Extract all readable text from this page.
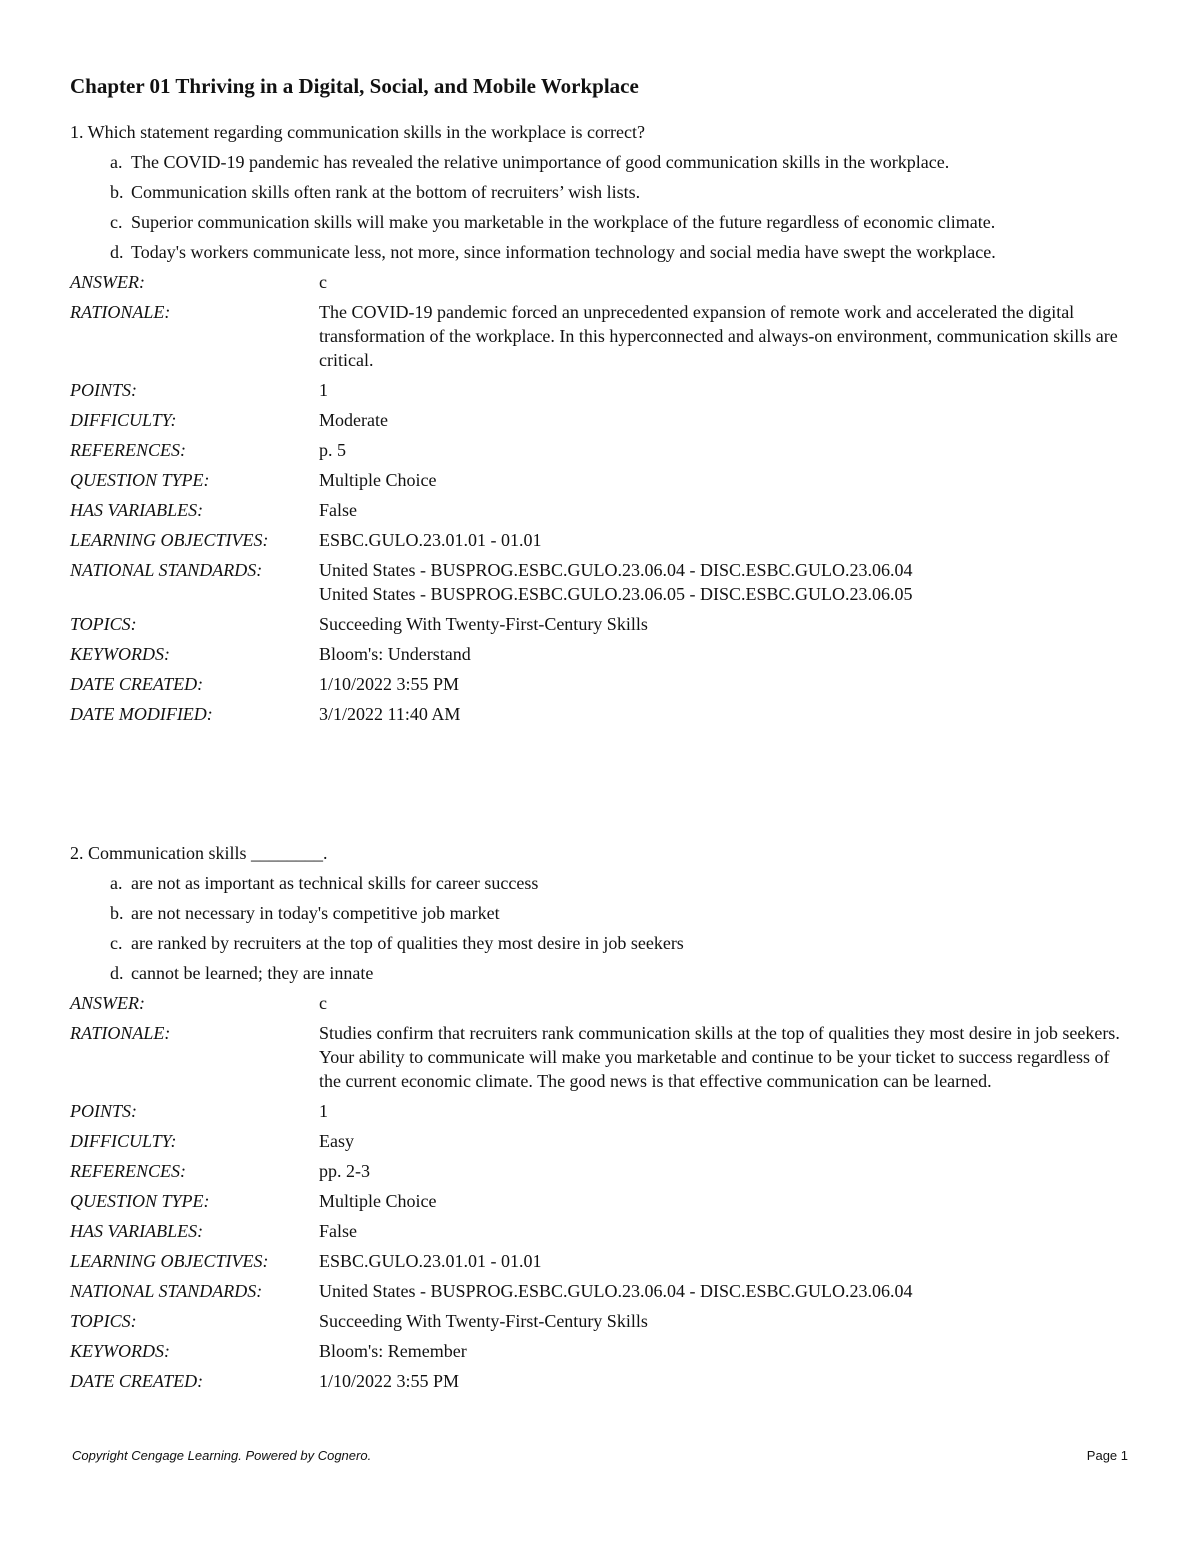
Chapter 01 Thriving in a Digital, Social, and Mobile Workplace
1. Which statement regarding communication skills in the workplace is correct?
a. The COVID-19 pandemic has revealed the relative unimportance of good communication skills in the workplace.
b. Communication skills often rank at the bottom of recruiters’ wish lists.
c. Superior communication skills will make you marketable in the workplace of the future regardless of economic climate.
d. Today's workers communicate less, not more, since information technology and social media have swept the workplace.
ANSWER:	c
RATIONALE:	The COVID-19 pandemic forced an unprecedented expansion of remote work and accelerated the digital transformation of the workplace. In this hyperconnected and always-on environment, communication skills are critical.
POINTS:	1
DIFFICULTY:	Moderate
REFERENCES:	p. 5
QUESTION TYPE:	Multiple Choice
HAS VARIABLES:	False
LEARNING OBJECTIVES:	ESBC.GULO.23.01.01 - 01.01
NATIONAL STANDARDS:	United States - BUSPROG.ESBC.GULO.23.06.04 - DISC.ESBC.GULO.23.06.04
United States - BUSPROG.ESBC.GULO.23.06.05 - DISC.ESBC.GULO.23.06.05
TOPICS:	Succeeding With Twenty-First-Century Skills
KEYWORDS:	Bloom's: Understand
DATE CREATED:	1/10/2022 3:55 PM
DATE MODIFIED:	3/1/2022 11:40 AM
2. Communication skills ________.
a. are not as important as technical skills for career success
b. are not necessary in today's competitive job market
c. are ranked by recruiters at the top of qualities they most desire in job seekers
d. cannot be learned; they are innate
ANSWER:	c
RATIONALE:	Studies confirm that recruiters rank communication skills at the top of qualities they most desire in job seekers. Your ability to communicate will make you marketable and continue to be your ticket to success regardless of the current economic climate. The good news is that effective communication can be learned.
POINTS:	1
DIFFICULTY:	Easy
REFERENCES:	pp. 2-3
QUESTION TYPE:	Multiple Choice
HAS VARIABLES:	False
LEARNING OBJECTIVES:	ESBC.GULO.23.01.01 - 01.01
NATIONAL STANDARDS:	United States - BUSPROG.ESBC.GULO.23.06.04 - DISC.ESBC.GULO.23.06.04
TOPICS:	Succeeding With Twenty-First-Century Skills
KEYWORDS:	Bloom's: Remember
DATE CREATED:	1/10/2022 3:55 PM
Copyright Cengage Learning. Powered by Cognero.	Page 1
